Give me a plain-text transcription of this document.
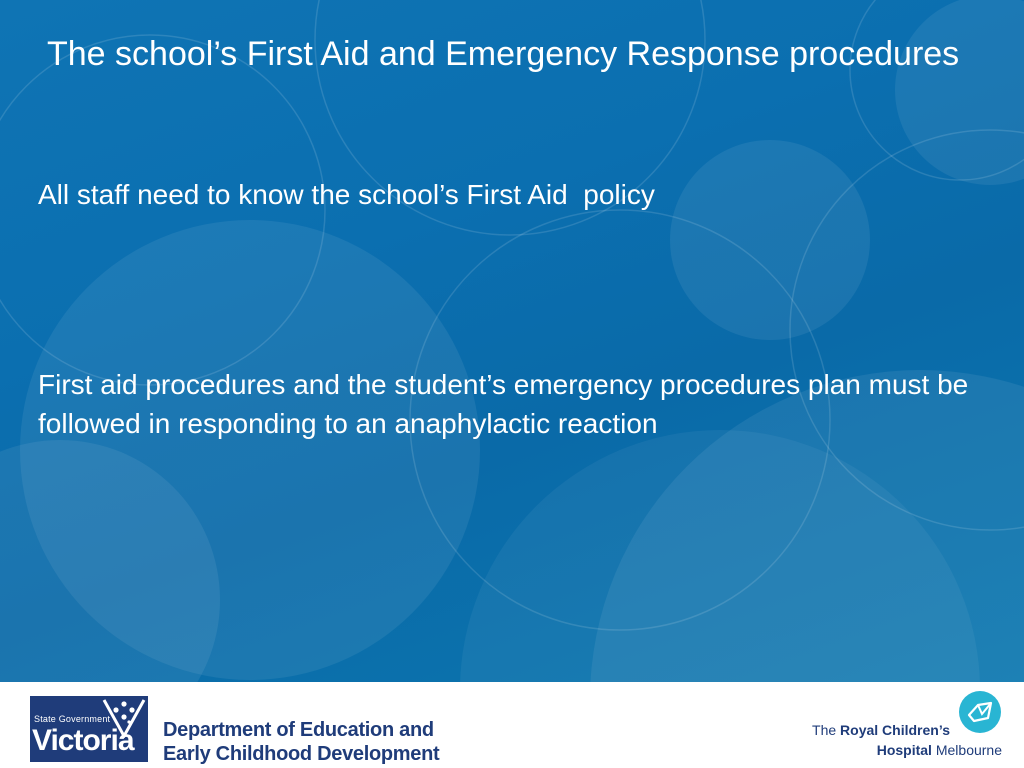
The school’s First Aid and Emergency Response procedures

All staff need to know the school’s First Aid  policy

First aid procedures and the student’s emergency procedures plan must be followed in responding to an anaphylactic reaction

State Government
Victoria Department of Education and
Early Childhood Development
The Royal Children’s
Hospital Melbourne
